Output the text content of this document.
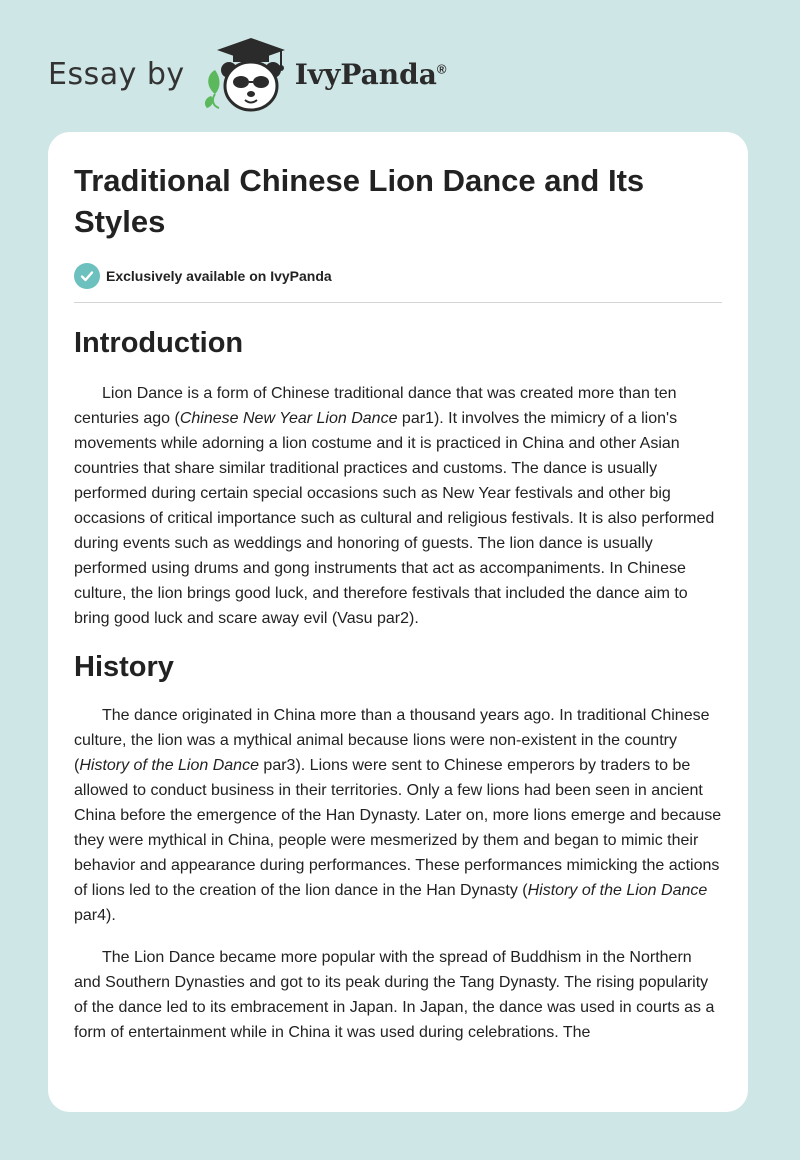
Essay by	IvyPanda®
Traditional Chinese Lion Dance and Its Styles
Exclusively available on IvyPanda
Introduction

Lion Dance is a form of Chinese traditional dance that was created more than ten centuries ago (Chinese New Year Lion Dance par1). It involves the mimicry of a lion's movements while adorning a lion costume and it is practiced in China and other Asian countries that share similar traditional practices and customs. The dance is usually performed during certain special occasions such as New Year festivals and other big occasions of critical importance such as cultural and religious festivals. It is also performed during events such as weddings and honoring of guests. The lion dance is usually performed using drums and gong instruments that act as accompaniments. In Chinese culture, the lion brings good luck, and therefore festivals that included the dance aim to bring good luck and scare away evil (Vasu par2).

History

The dance originated in China more than a thousand years ago. In traditional Chinese culture, the lion was a mythical animal because lions were non-existent in the country (History of the Lion Dance par3). Lions were sent to Chinese emperors by traders to be allowed to conduct business in their territories. Only a few lions had been seen in ancient China before the emergence of the Han Dynasty. Later on, more lions emerge and because they were mythical in China, people were mesmerized by them and began to mimic their behavior and appearance during performances. These performances mimicking the actions of lions led to the creation of the lion dance in the Han Dynasty (History of the Lion Dance par4).

The Lion Dance became more popular with the spread of Buddhism in the Northern and Southern Dynasties and got to its peak during the Tang Dynasty. The rising popularity of the dance led to its embracement in Japan. In Japan, the dance was used in courts as a form of entertainment while in China it was used during celebrations. The
